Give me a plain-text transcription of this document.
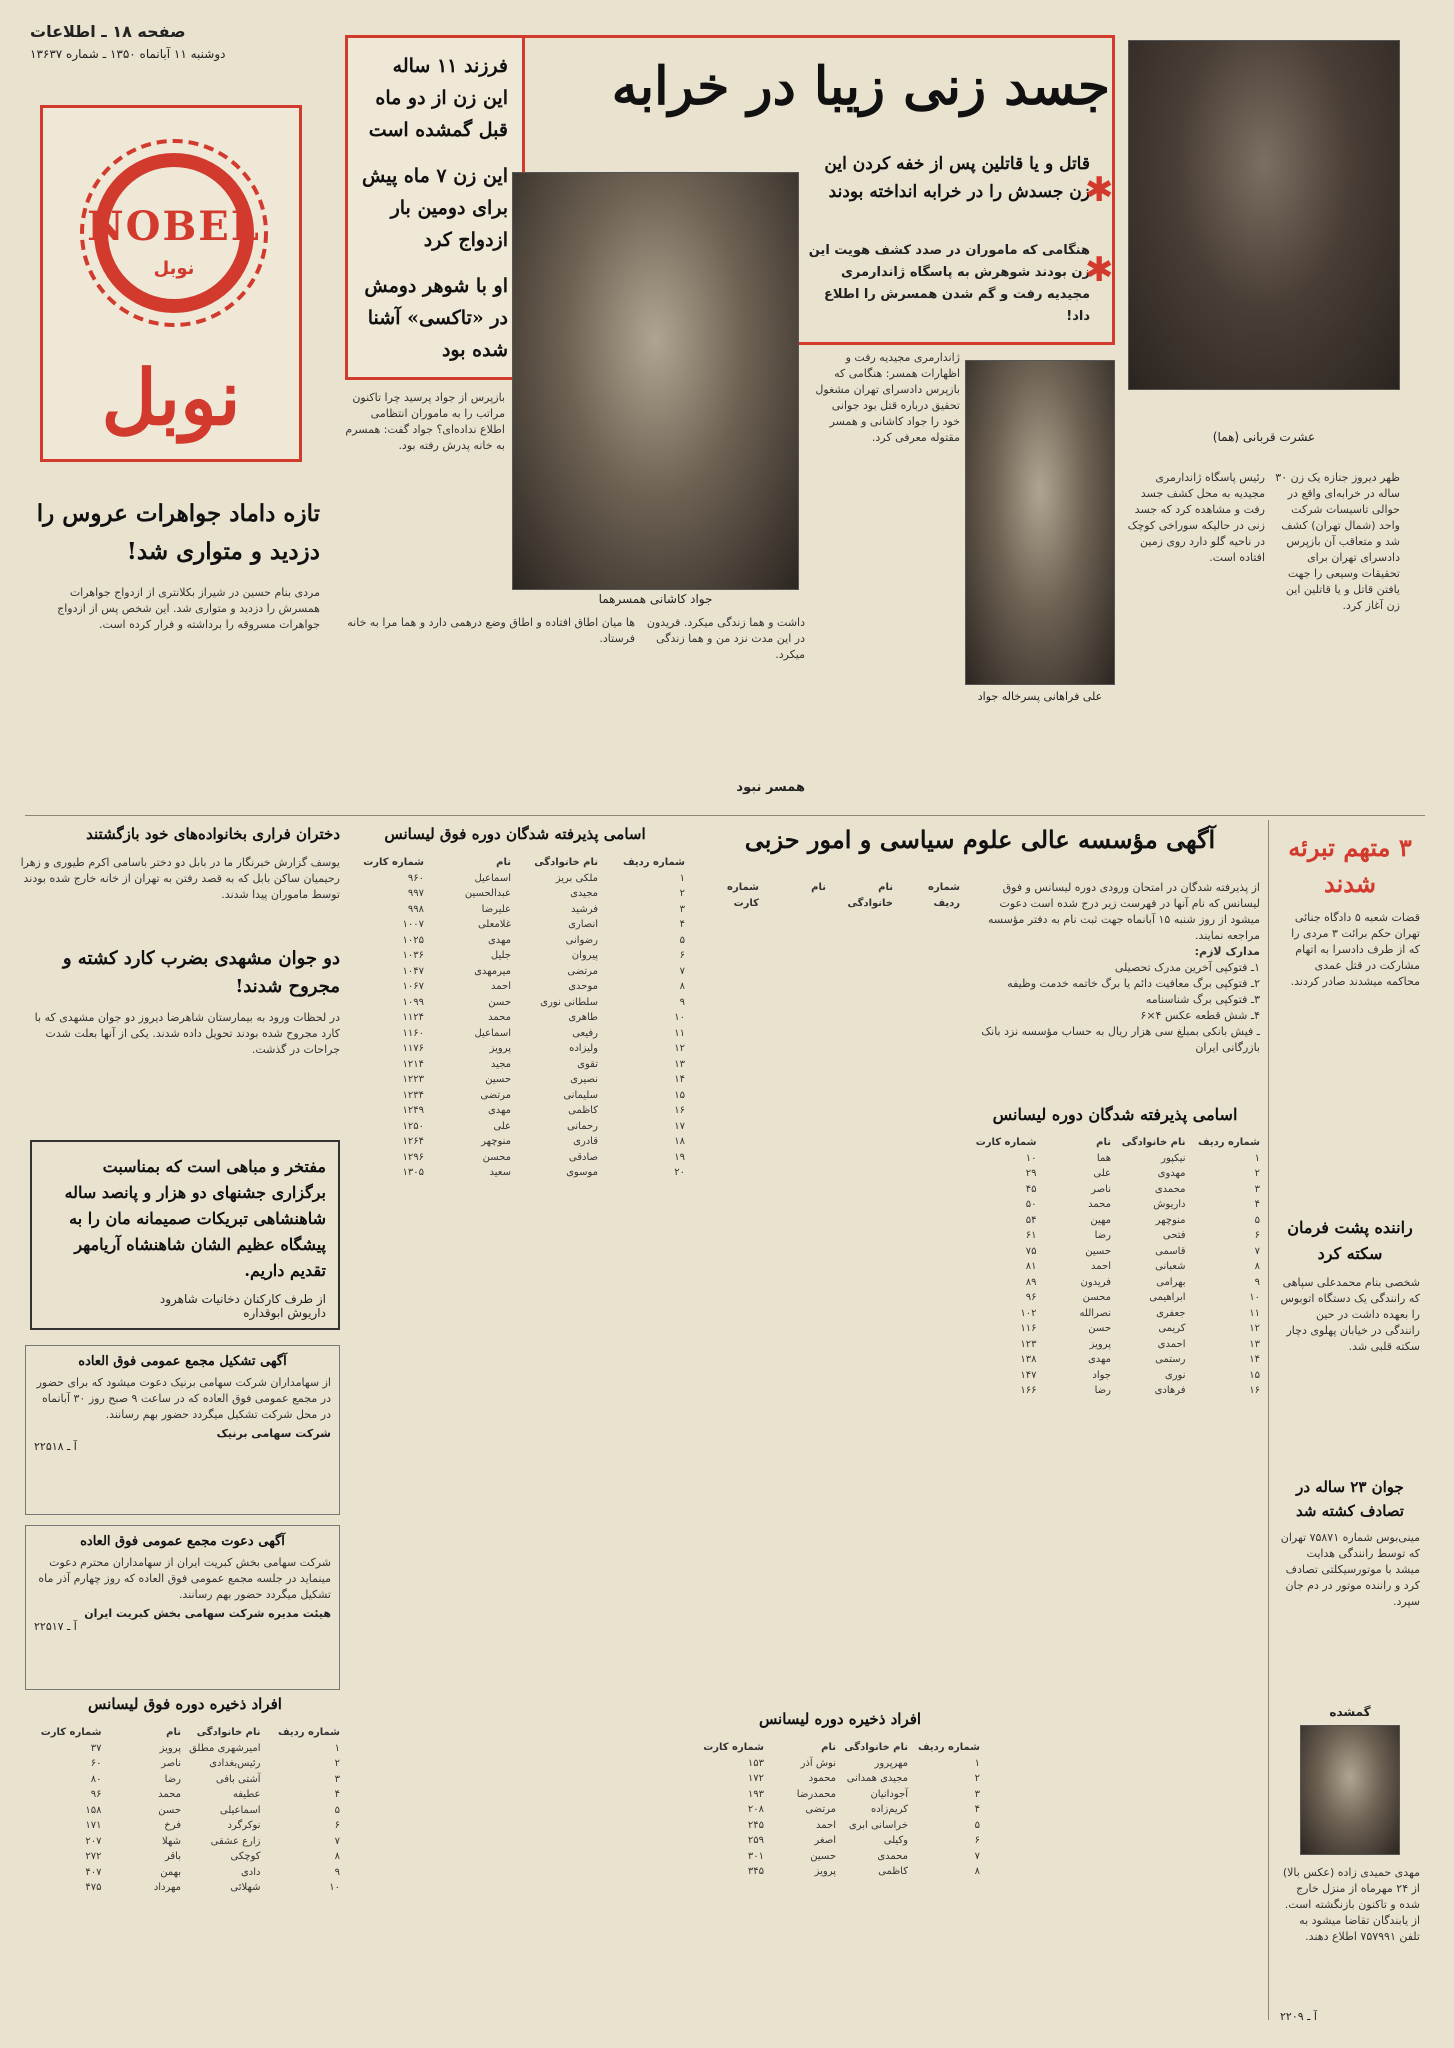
صفحه ۱۸ ـ اطلاعات
دوشنبه ۱۱ آبانماه ۱۳۵۰ ـ شماره ۱۳۶۳۷
NOBEL
نوبل
نوبل
فرزند ۱۱ ساله این زن از دو ماه قبل گمشده است
این زن ۷ ماه پیش برای دومین بار ازدواج کرد
او با شوهر دومش در «تاکسی» آشنا شده بود
جسد زنی زیبا در خرابه
قاتل و یا قاتلین پس از خفه کردن این زن جسدش را در خرابه انداخته بودند
✱
هنگامی که ماموران در صدد کشف هویت این زن بودند شوهرش به پاسگاه ژاندارمری مجیدیه رفت و گم شدن همسرش را اطلاع داد!
✱
جواد کاشانی همسرهما
عشرت قربانی (هما)
علی فراهانی پسرخاله جواد
ظهر دیروز جنازه یک زن ۳۰ ساله در خرابه‌ای واقع در حوالی تاسیسات شرکت واحد (شمال تهران) کشف شد و متعاقب آن بازپرس دادسرای تهران برای تحقیقات وسیعی را جهت یافتن قاتل و یا قاتلین این زن آغاز کرد.
رئیس پاسگاه ژاندارمری مجیدیه به محل کشف جسد رفت و مشاهده کرد که جسد زنی در حالیکه سوراخی کوچک در ناحیه گلو دارد روی زمین افتاده است.
ژاندارمری مجیدیه رفت و اظهارات همسر: هنگامی که بازپرس دادسرای تهران مشغول تحقیق درباره قتل بود جوانی خود را جواد کاشانی و همسر مقتوله معرفی کرد.
بازپرس از جواد پرسید چرا تاکنون مراتب را به ماموران انتظامی اطلاع نداده‌ای؟ جواد گفت: همسرم به خانه پدرش رفته بود.
داشت و هما زندگی میکرد. فریدون در این مدت نزد من و هما زندگی میکرد.
همسر نبود
ها میان اطاق افتاده و اطاق وضع درهمی دارد و هما مرا به خانه فرستاد.
تازه داماد جواهرات عروس را دزدید و متواری شد!
مردی بنام حسین در شیراز بکلانتری از ازدواج جواهرات همسرش را دزدید و متواری شد. این شخص پس از ازدواج جواهرات مسروقه را برداشته و فرار کرده است.
دختران فراری بخانواده‌های خود بازگشتند
یوسف گزارش خبرنگار ما در بابل دو دختر باسامی اکرم طیوری و زهرا رحیمیان ساکن بابل که به قصد رفتن به تهران از خانه خارج شده بودند توسط ماموران پیدا شدند.
دو جوان مشهدی بضرب کارد کشته و مجروح شدند!
در لحظات ورود به بیمارستان شاهرضا دیروز دو جوان مشهدی که با کارد مجروح شده بودند تحویل داده شدند. یکی از آنها بعلت شدت جراحات در گذشت.
مفتخر و مباهی است که بمناسبت برگزاری جشنهای دو هزار و پانصد ساله شاهنشاهی تبریکات صمیمانه مان را به پیشگاه عظیم الشان شاهنشاه آریامهر تقدیم داریم.
از طرف کارکنان دخانیات شاهرود
داریوش ابوقداره
آگهی تشکیل مجمع عمومی فوق العاده
از سهامداران شرکت سهامی برنیک دعوت میشود که برای حضور در مجمع عمومی فوق العاده که در ساعت ۹ صبح روز ۳۰ آبانماه در محل شرکت تشکیل میگردد حضور بهم رسانند.
شرکت سهامی برنیک
آ ـ ۲۲۵۱۸
آگهی دعوت مجمع عمومی فوق العاده
شرکت سهامی بخش کبریت ایران از سهامداران محترم دعوت مینماید در جلسه مجمع عمومی فوق العاده که روز چهارم آذر ماه تشکیل میگردد حضور بهم رسانند.
هیئت مدیره شرکت سهامی بخش کبریت ایران
آ ـ ۲۲۵۱۷
آگهی مؤسسه عالی علوم سیاسی و امور حزبی
از پذیرفته شدگان در امتحان ورودی دوره لیسانس و فوق لیسانس که نام آنها در فهرست زیر درج شده است دعوت میشود از روز شنبه ۱۵ آبانماه جهت ثبت نام به دفتر مؤسسه مراجعه نمایند.
مدارک لازم:
۱ـ فتوکپی آخرین مدرک تحصیلی
۲ـ فتوکپی برگ معافیت دائم یا برگ خاتمه خدمت وظیفه
۳ـ فتوکپی برگ شناسنامه
۴ـ شش قطعه عکس ۴×۶
ـ فیش بانکی بمبلغ سی هزار ریال به حساب مؤسسه نزد بانک بازرگانی ایران
اسامی پذیرفته شدگان دوره فوق لیسانس
شماره ردیف
نام خانوادگی
نام
شماره کارت
۱
ملکی بریز
اسماعیل
۹۶۰
۲
مجیدی
عبدالحسین
۹۹۷
۳
فرشید
علیرضا
۹۹۸
۴
انصاری
غلامعلی
۱۰۰۷
۵
رضوانی
مهدی
۱۰۲۵
۶
پیروان
جلیل
۱۰۳۶
۷
مرتضی
میرمهدی
۱۰۴۷
۸
موحدی
احمد
۱۰۶۷
۹
سلطانی نوری
حسن
۱۰۹۹
۱۰
طاهری
محمد
۱۱۲۴
۱۱
رفیعی
اسماعیل
۱۱۶۰
۱۲
ولیزاده
پرویز
۱۱۷۶
۱۳
تقوی
مجید
۱۲۱۴
۱۴
نصیری
حسین
۱۲۲۳
۱۵
سلیمانی
مرتضی
۱۲۳۴
۱۶
کاظمی
مهدی
۱۲۴۹
۱۷
رحمانی
علی
۱۲۵۰
۱۸
قادری
منوچهر
۱۲۶۴
۱۹
صادقی
محسن
۱۲۹۶
۲۰
موسوی
سعید
۱۳۰۵
شماره ردیف
نام خانوادگی
نام
شماره کارت
اسامی پذیرفته شدگان دوره لیسانس
شماره ردیف
نام خانوادگی
نام
شماره کارت
۱
نیکپور
هما
۱۰
۲
مهدوی
علی
۲۹
۳
محمدی
ناصر
۴۵
۴
داریوش
محمد
۵۰
۵
منوچهر
مهین
۵۴
۶
فتحی
رضا
۶۱
۷
قاسمی
حسین
۷۵
۸
شعبانی
احمد
۸۱
۹
بهرامی
فریدون
۸۹
۱۰
ابراهیمی
محسن
۹۶
۱۱
جعفری
نصرالله
۱۰۲
۱۲
کریمی
حسن
۱۱۶
۱۳
احمدی
پرویز
۱۲۳
۱۴
رستمی
مهدی
۱۳۸
۱۵
نوری
جواد
۱۴۷
۱۶
فرهادی
رضا
۱۶۶
افراد ذخیره دوره فوق لیسانس
شماره ردیف
نام خانوادگی
نام
شماره کارت
۱
امیرشهری مطلق
پرویز
۳۷
۲
رئیس‌بغدادی
ناصر
۶۰
۳
آشتی بافی
رضا
۸۰
۴
عطیفه
محمد
۹۶
۵
اسماعیلی
حسن
۱۵۸
۶
نوکرگرد
فرخ
۱۷۱
۷
زارع عشقی
شهلا
۲۰۷
۸
کوچکی
باقر
۲۷۲
۹
دادی
بهمن
۴۰۷
۱۰
شهلائی
مهرداد
۴۷۵
افراد ذخیره دوره لیسانس
شماره ردیف
نام خانوادگی
نام
شماره کارت
۱
مهرپرور
نوش آذر
۱۵۳
۲
مجیدی همدانی
محمود
۱۷۲
۳
آجودانیان
محمدرضا
۱۹۳
۴
کریم‌زاده
مرتضی
۲۰۸
۵
خراسانی ابری
احمد
۲۴۵
۶
وکیلی
اصغر
۲۵۹
۷
محمدی
حسین
۳۰۱
۸
کاظمی
پرویز
۳۴۵
۳ متهم تبرئه شدند
قضات شعبه ۵ دادگاه جنائی تهران حکم برائت ۳ مردی را که از طرف دادسرا به اتهام مشارکت در قتل عمدی محاکمه میشدند صادر کردند.
راننده پشت فرمان سکته کرد
شخصی بنام محمدعلی سپاهی که رانندگی یک دستگاه اتوبوس را بعهده داشت در حین رانندگی در خیابان پهلوی دچار سکته قلبی شد.
جوان ۲۳ ساله در تصادف کشته شد
مینی‌بوس شماره ۷۵۸۷۱ تهران که توسط رانندگی هدایت میشد با موتورسیکلتی تصادف کرد و راننده موتور در دم جان سپرد.
گمشده
مهدی حمیدی زاده (عکس بالا) از ۲۴ مهرماه از منزل خارج شده و تاکنون بازنگشته است. از یابندگان تقاضا میشود به تلفن ۷۵۷۹۹۱ اطلاع دهند.
آ ـ ۲۲۰۹
